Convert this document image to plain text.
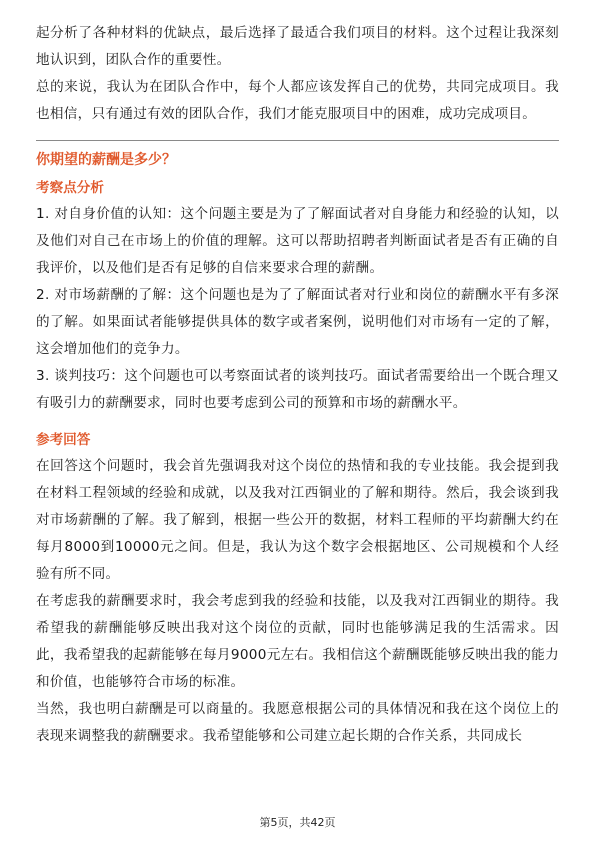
起分析了各种材料的优缺点，最后选择了最适合我们项目的材料。这个过程让我深刻地认识到，团队合作的重要性。

总的来说，我认为在团队合作中，每个人都应该发挥自己的优势，共同完成项目。我也相信，只有通过有效的团队合作，我们才能克服项目中的困难，成功完成项目。

你期望的薪酬是多少？
考察点分析

1. 对自身价值的认知：这个问题主要是为了了解面试者对自身能力和经验的认知，以及他们对自己在市场上的价值的理解。这可以帮助招聘者判断面试者是否有正确的自我评价，以及他们是否有足够的自信来要求合理的薪酬。

2. 对市场薪酬的了解：这个问题也是为了了解面试者对行业和岗位的薪酬水平有多深的了解。如果面试者能够提供具体的数字或者案例，说明他们对市场有一定的了解，这会增加他们的竞争力。

3. 谈判技巧：这个问题也可以考察面试者的谈判技巧。面试者需要给出一个既合理又有吸引力的薪酬要求，同时也要考虑到公司的预算和市场的薪酬水平。

参考回答

在回答这个问题时，我会首先强调我对这个岗位的热情和我的专业技能。我会提到我在材料工程领域的经验和成就，以及我对江西铜业的了解和期待。然后，我会谈到我对市场薪酬的了解。我了解到，根据一些公开的数据，材料工程师的平均薪酬大约在每月8000到10000元之间。但是，我认为这个数字会根据地区、公司规模和个人经验有所不同。

在考虑我的薪酬要求时，我会考虑到我的经验和技能，以及我对江西铜业的期待。我希望我的薪酬能够反映出我对这个岗位的贡献，同时也能够满足我的生活需求。因此，我希望我的起薪能够在每月9000元左右。我相信这个薪酬既能够反映出我的能力和价值，也能够符合市场的标准。

当然，我也明白薪酬是可以商量的。我愿意根据公司的具体情况和我在这个岗位上的表现来调整我的薪酬要求。我希望能够和公司建立起长期的合作关系，共同成长

第5页，共42页
